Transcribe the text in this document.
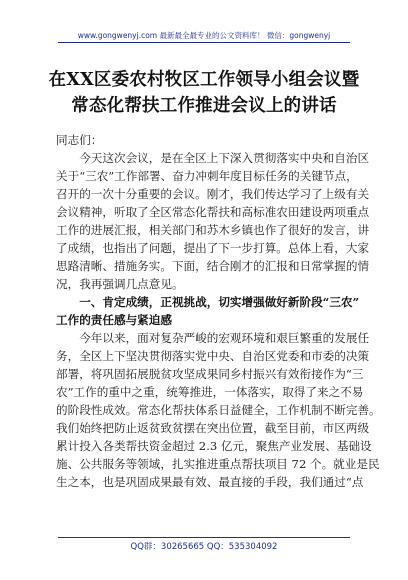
www.gongwenyj.com 最新最全最专业的公文资料库！ 微信：gongwenyj
在XX区委农村牧区工作领导小组会议暨
常态化帮扶工作推进会议上的讲话
同志们：
　　今天这次会议，是在全区上下深入贯彻落实中央和自治区
关于“三农”工作部署、奋力冲刺年度目标任务的关键节点，
召开的一次十分重要的会议。刚才，我们传达学习了上级有关
会议精神，听取了全区常态化帮扶和高标准农田建设两项重点
工作的进展汇报，相关部门和苏木乡镇也作了很好的发言，讲
了成绩，也指出了问题，提出了下一步打算。总体上看，大家
思路清晰、措施务实。下面，结合刚才的汇报和日常掌握的情
况，我再强调几点意见。
　　一、肯定成绩，正视挑战，切实增强做好新阶段“三农”
工作的责任感与紧迫感
　　今年以来，面对复杂严峻的宏观环境和艰巨繁重的发展任
务，全区上下坚决贯彻落实党中央、自治区党委和市委的决策
部署，将巩固拓展脱贫攻坚成果同乡村振兴有效衔接作为“三
农”工作的重中之重，统筹推进，一体落实，取得了来之不易
的阶段性成效。常态化帮扶体系日益健全，工作机制不断完善。
我们始终把防止返贫致贫摆在突出位置，截至目前，市区两级
累计投入各类帮扶资金超过 2.3 亿元，聚焦产业发展、基础设
施、公共服务等领域，扎实推进重点帮扶项目 72 个。就业是民
生之本，也是巩固成果最有效、最直接的手段，我们通过“点
QQ群：30265665 QQ：535304092
